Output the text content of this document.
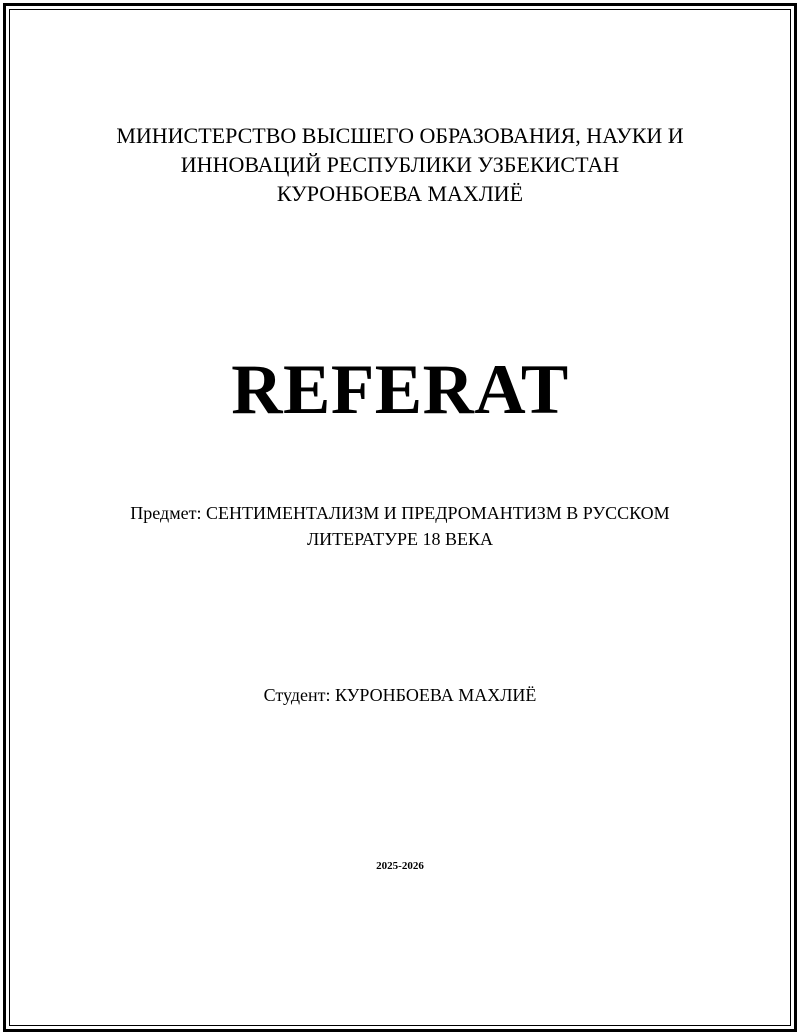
МИНИСТЕРСТВО ВЫСШЕГО ОБРАЗОВАНИЯ, НАУКИ И
ИННОВАЦИЙ РЕСПУБЛИКИ УЗБЕКИСТАН
КУРОНБОЕВА МАХЛИЁ
REFERAT
Предмет: СЕНТИМЕНТАЛИЗМ И ПРЕДРОМАНТИЗМ В РУССКОМ
ЛИТЕРАТУРЕ 18 ВЕКА
Студент: КУРОНБОЕВА МАХЛИЁ
2025-2026
